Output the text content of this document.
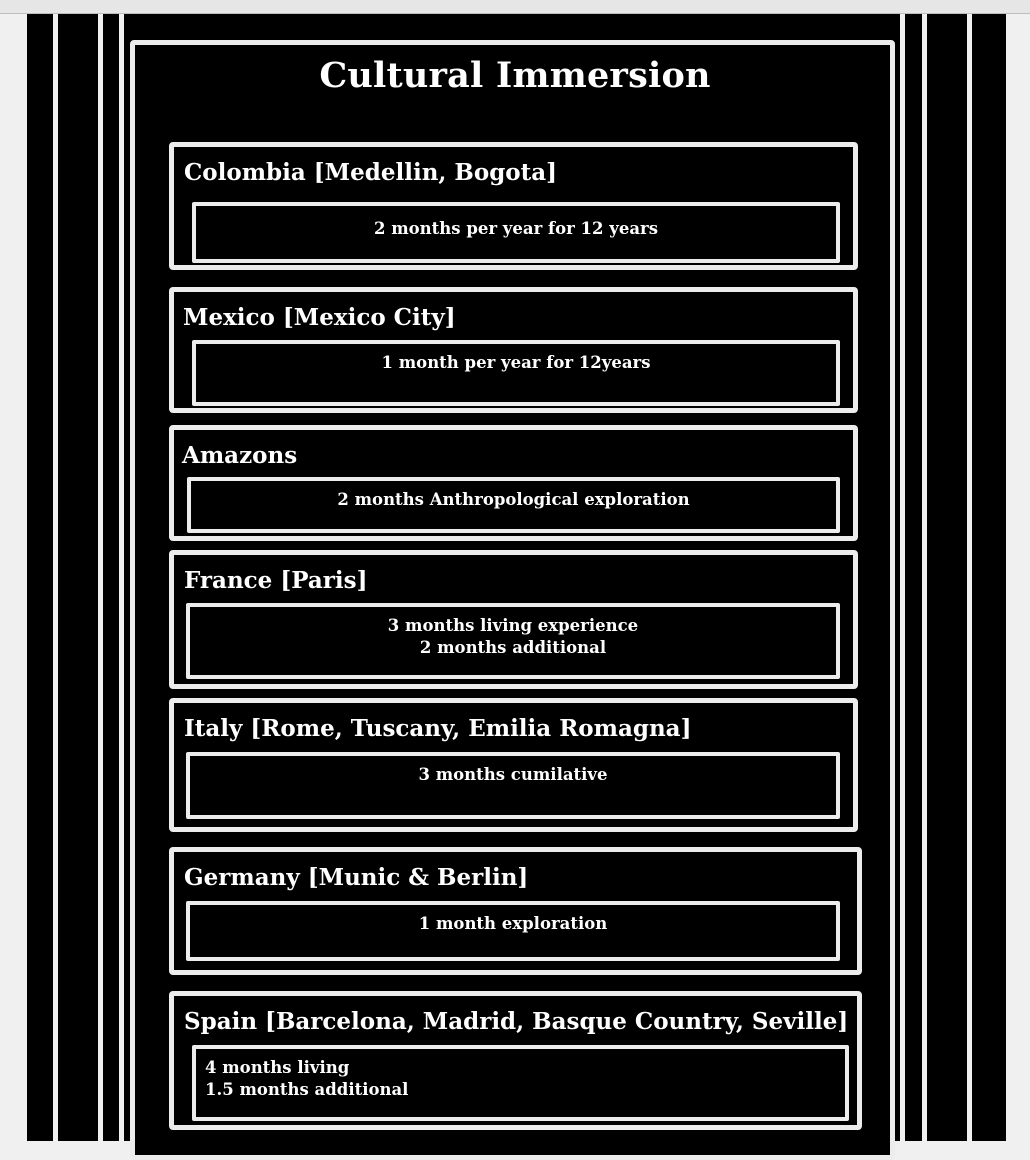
Cultural Immersion
Colombia [Medellin, Bogota]
2 months per year for 12 years
Mexico [Mexico City]
1 month per year for 12years
Amazons
2 months Anthropological exploration
France [Paris]
3 months living experience
2 months additional
Italy [Rome, Tuscany, Emilia Romagna]
3 months cumilative
Germany [Munic & Berlin]
1 month exploration
Spain [Barcelona, Madrid, Basque Country, Seville]
4 months living
1.5 months additional
